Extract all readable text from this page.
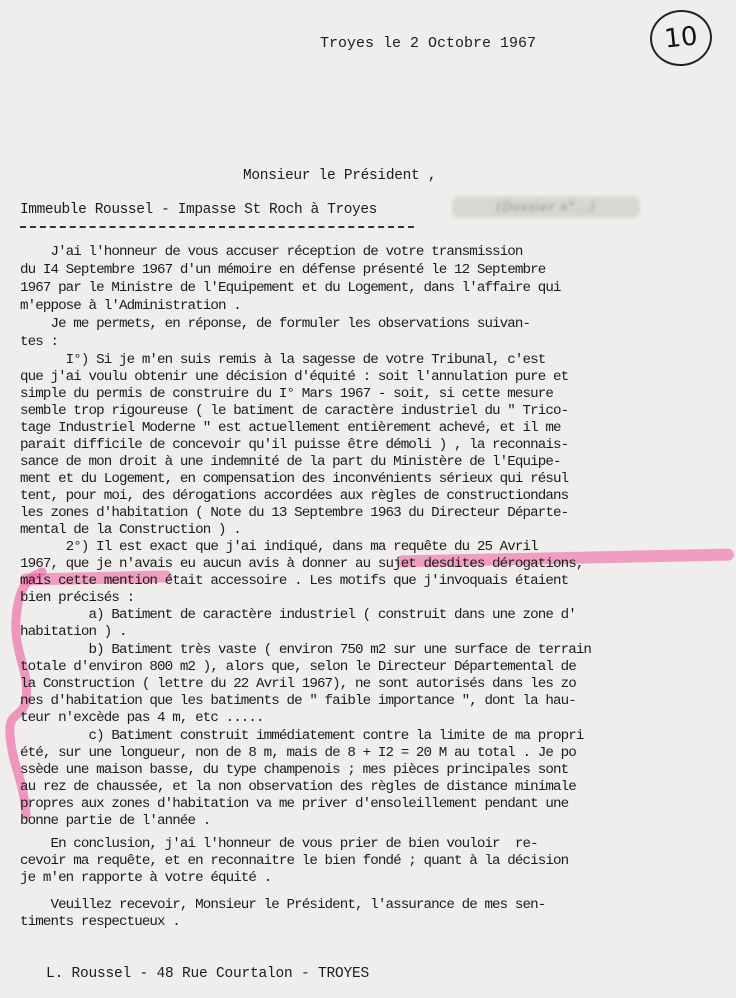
Troyes le 2 Octobre 1967	10
Monsieur le Président ,
Immeuble Roussel - Impasse St Roch à Troyes	(Dossier n°...)
J'ai l'honneur de vous accuser réception de votre transmission
du I4 Septembre 1967 d'un mémoire en défense présenté le 12 Septembre
1967 par le Ministre de l'Equipement et du Logement, dans l'affaire qui
m'eppose à l'Administration .
Je me permets, en réponse, de formuler les observations suivan-
tes :
I°) Si je m'en suis remis à la sagesse de votre Tribunal, c'est
que j'ai voulu obtenir une décision d'équité : soit l'annulation pure et
simple du permis de construire du I° Mars 1967 - soit, si cette mesure
semble trop rigoureuse ( le batiment de caractère industriel du " Trico-
tage Industriel Moderne " est actuellement entièrement achevé, et il me
parait difficile de concevoir qu'il puisse être démoli ) , la reconnais-
sance de mon droit à une indemnité de la part du Ministère de l'Equipe-
ment et du Logement, en compensation des inconvénients sérieux qui résul
tent, pour moi, des dérogations accordées aux règles de constructiondans
les zones d'habitation ( Note du 13 Septembre 1963 du Directeur Départe-
mental de la Construction ) .
2°) Il est exact que j'ai indiqué, dans ma requête du 25 Avril
1967, que je n'avais eu aucun avis à donner au sujet desdites dérogations,
mais cette mention était accessoire . Les motifs que j'invoquais étaient
bien précisés :
a) Batiment de caractère industriel ( construit dans une zone d'
habitation ) .
b) Batiment très vaste ( environ 750 m2 sur une surface de terrain
totale d'environ 800 m2 ), alors que, selon le Directeur Départemental de
la Construction ( lettre du 22 Avril 1967), ne sont autorisés dans les zo
nes d'habitation que les batiments de " faible importance ", dont la hau-
teur n'excède pas 4 m, etc .....
c) Batiment construit immédiatement contre la limite de ma propri
été, sur une longueur, non de 8 m, mais de 8 + I2 = 20 M au total . Je po
ssède une maison basse, du type champenois ; mes pièces principales sont
au rez de chaussée, et la non observation des règles de distance minimale
propres aux zones d'habitation va me priver d'ensoleillement pendant une
bonne partie de l'année .
En conclusion, j'ai l'honneur de vous prier de bien vouloir  re-
cevoir ma requête, et en reconnaitre le bien fondé ; quant à la décision
je m'en rapporte à votre équité .
Veuillez recevoir, Monsieur le Président, l'assurance de mes sen-
timents respectueux .
L. Roussel - 48 Rue Courtalon - TROYES
